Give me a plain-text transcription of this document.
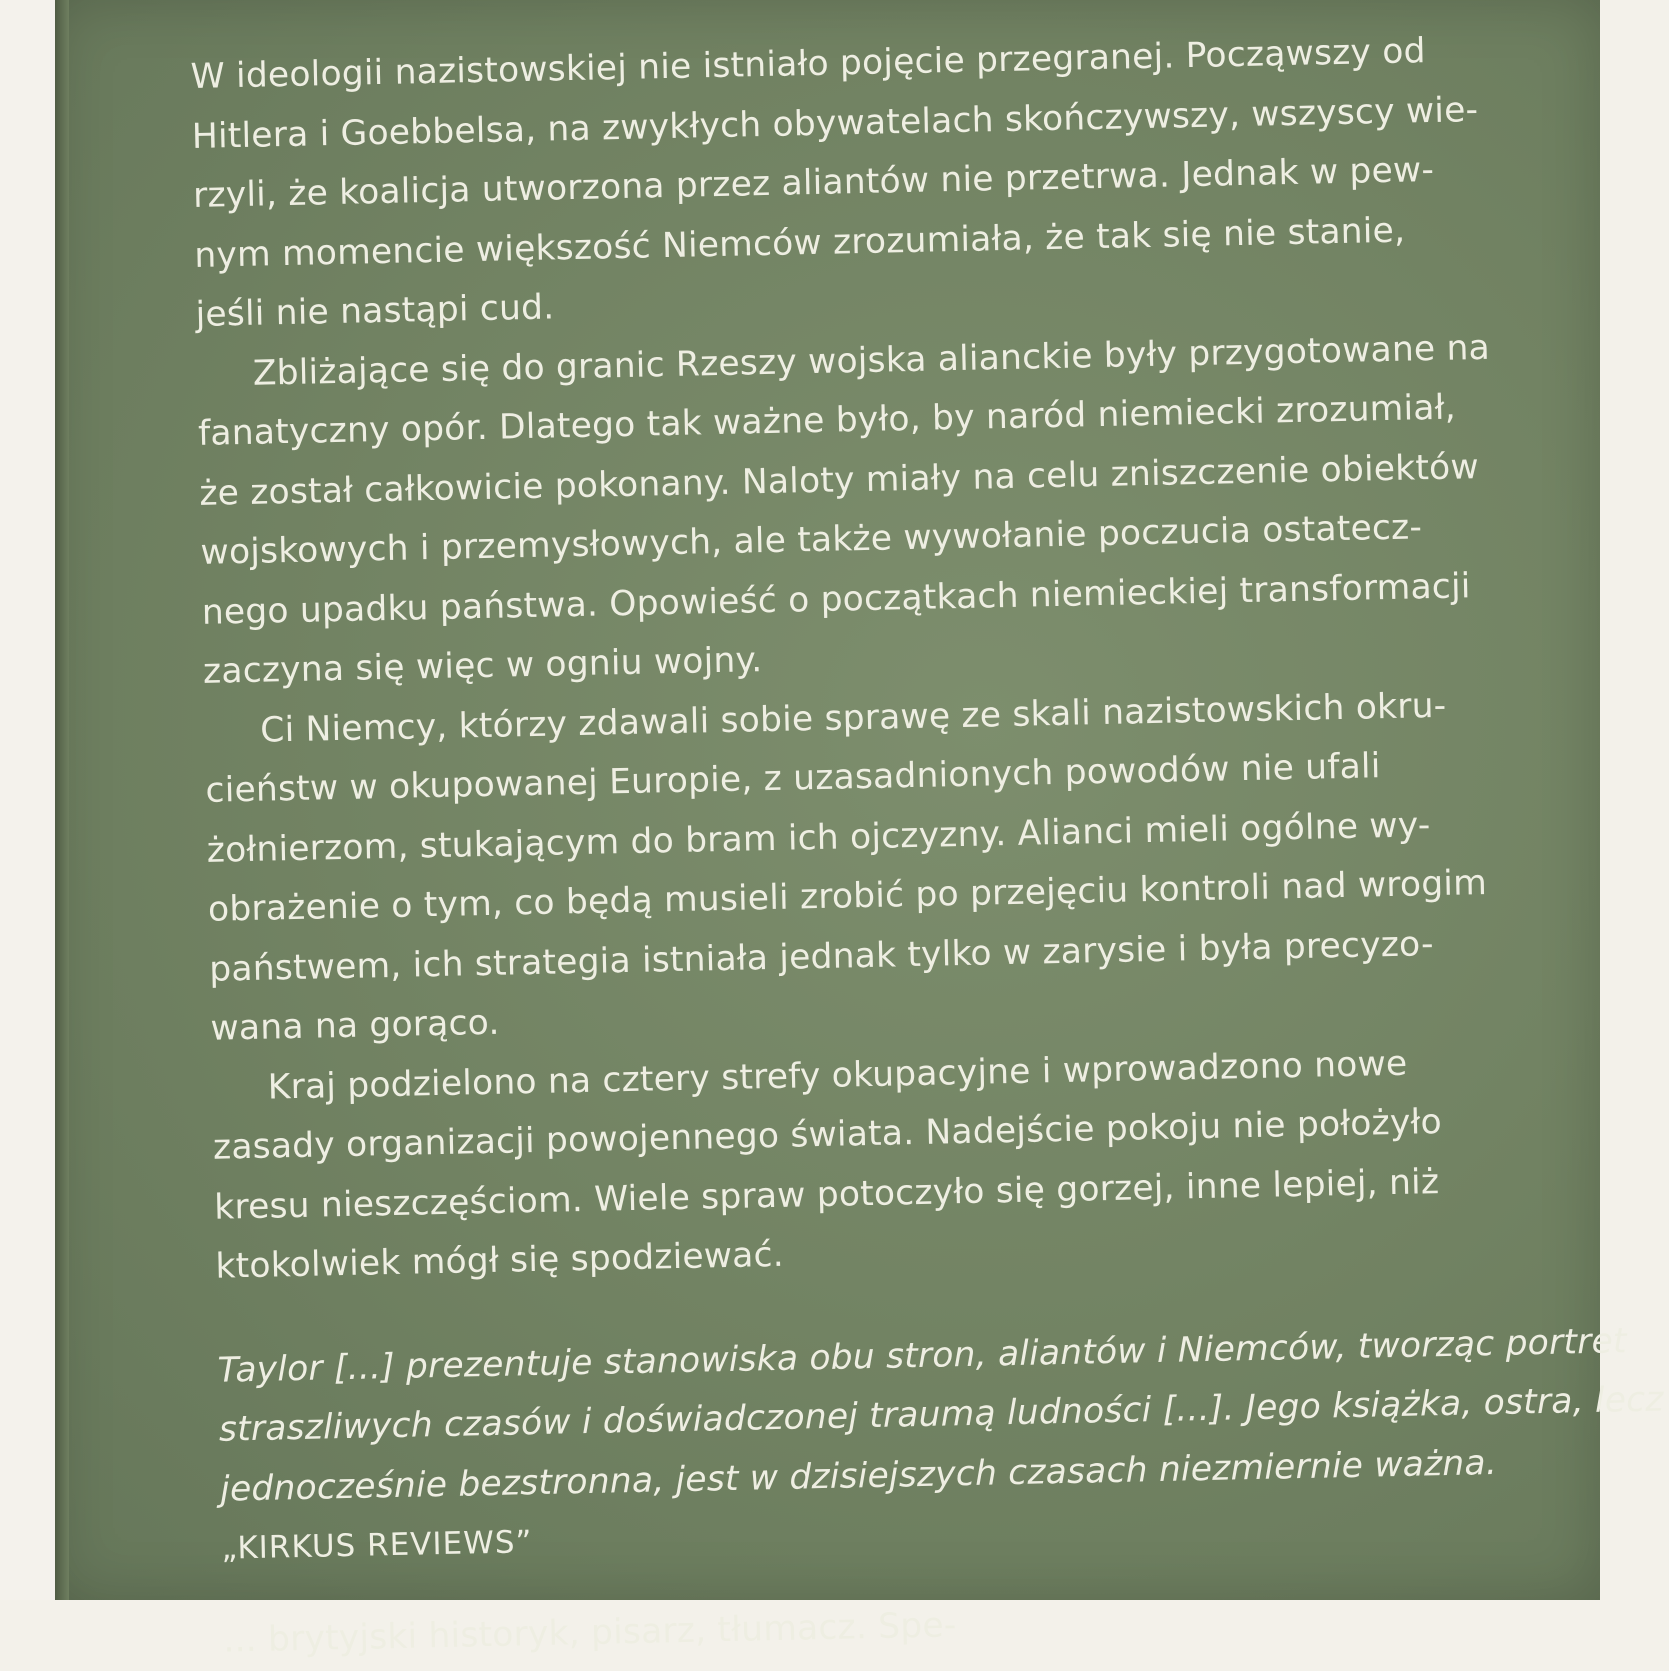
W ideologii nazistowskiej nie istniało pojęcie przegranej. Począwszy od
Hitlera i Goebbelsa, na zwykłych obywatelach skończywszy, wszyscy wie-
rzyli, że koalicja utworzona przez aliantów nie przetrwa. Jednak w pew-
nym momencie większość Niemców zrozumiała, że tak się nie stanie,
jeśli nie nastąpi cud.
Zbliżające się do granic Rzeszy wojska alianckie były przygotowane na
fanatyczny opór. Dlatego tak ważne było, by naród niemiecki zrozumiał,
że został całkowicie pokonany. Naloty miały na celu zniszczenie obiektów
wojskowych i przemysłowych, ale także wywołanie poczucia ostatecz-
nego upadku państwa. Opowieść o początkach niemieckiej transformacji
zaczyna się więc w ogniu wojny.
Ci Niemcy, którzy zdawali sobie sprawę ze skali nazistowskich okru-
cieństw w okupowanej Europie, z uzasadnionych powodów nie ufali
żołnierzom, stukającym do bram ich ojczyzny. Alianci mieli ogólne wy-
obrażenie o tym, co będą musieli zrobić po przejęciu kontroli nad wrogim
państwem, ich strategia istniała jednak tylko w zarysie i była precyzo-
wana na gorąco.
Kraj podzielono na cztery strefy okupacyjne i wprowadzono nowe
zasady organizacji powojennego świata. Nadejście pokoju nie położyło
kresu nieszczęściom. Wiele spraw potoczyło się gorzej, inne lepiej, niż
ktokolwiek mógł się spodziewać.
Taylor [...] prezentuje stanowiska obu stron, aliantów i Niemców, tworząc portret
straszliwych czasów i doświadczonej traumą ludności [...]. Jego książka, ostra, lecz
jednocześnie bezstronna, jest w dzisiejszych czasach niezmiernie ważna.
„KIRKUS REVIEWS”
... brytyjski historyk, pisarz, tłumacz. Spe-
